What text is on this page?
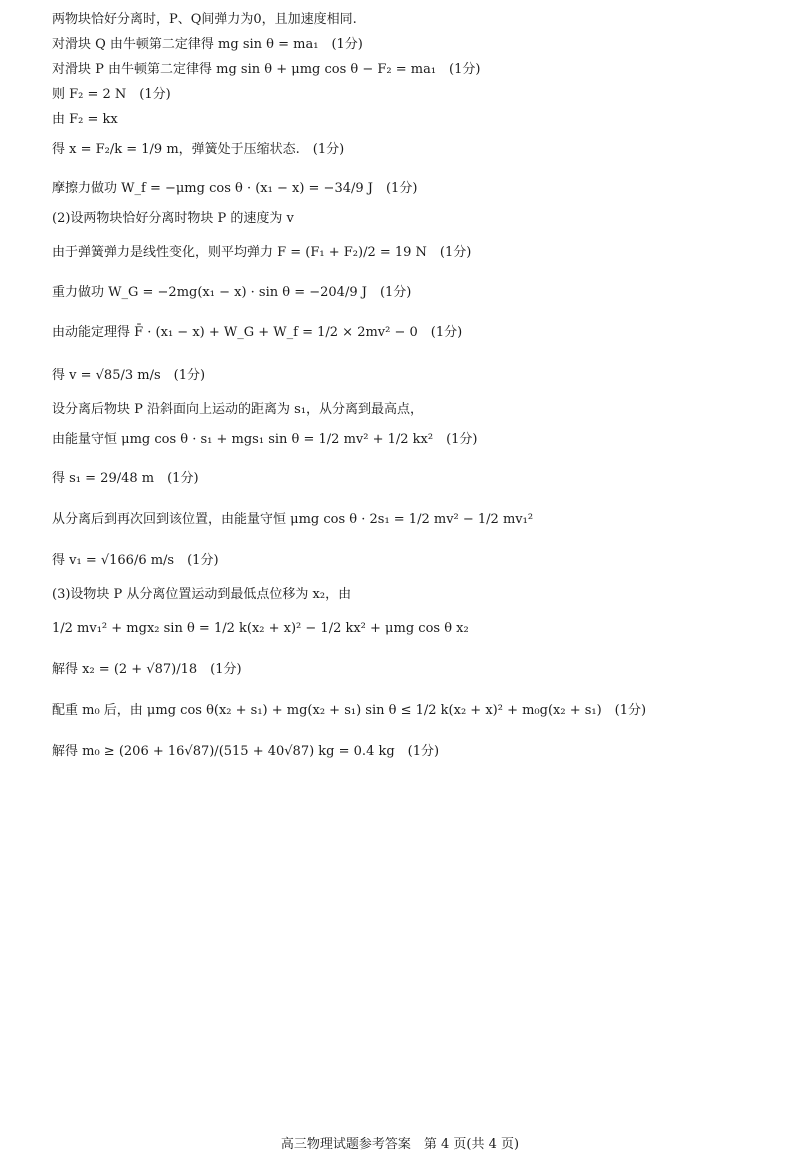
两物块恰好分离时，P、Q间弹力为0，且加速度相同.
对滑块 Q 由牛顿第二定律得 mg sin θ = ma₁　(1分)
对滑块 P 由牛顿第二定律得 mg sin θ + μmg cos θ − F₂ = ma₁　(1分)
则 F₂ = 2 N　(1分)
由 F₂ = kx
得 x = F₂/k = 1/9 m，弹簧处于压缩状态.　(1分)
摩擦力做功 W_f = −μmg cos θ · (x₁ − x) = −34/9 J　(1分)
(2)设两物块恰好分离时物块 P 的速度为 v
由于弹簧弹力是线性变化，则平均弹力 F = (F₁ + F₂)/2 = 19 N　(1分)
重力做功 W_G = −2mg(x₁ − x) · sin θ = −204/9 J　(1分)
由动能定理得 F̄ · (x₁ − x) + W_G + W_f = 1/2 × 2mv² − 0　(1分)
得 v = √85/3 m/s　(1分)
设分离后物块 P 沿斜面向上运动的距离为 s₁，从分离到最高点，
由能量守恒 μmg cos θ · s₁ + mgs₁ sin θ = 1/2 mv² + 1/2 kx²　(1分)
得 s₁ = 29/48 m　(1分)
从分离后到再次回到该位置，由能量守恒 μmg cos θ · 2s₁ = 1/2 mv² − 1/2 mv₁²
得 v₁ = √166/6 m/s　(1分)
(3)设物块 P 从分离位置运动到最低点位移为 x₂，由
1/2 mv₁² + mgx₂ sin θ = 1/2 k(x₂ + x)² − 1/2 kx² + μmg cos θ x₂
解得 x₂ = (2 + √87)/18　(1分)
配重 m₀ 后，由 μmg cos θ(x₂ + s₁) + mg(x₂ + s₁) sin θ ≤ 1/2 k(x₂ + x)² + m₀g(x₂ + s₁)　(1分)
解得 m₀ ≥ (206 + 16√87)/(515 + 40√87) kg = 0.4 kg　(1分)
高三物理试题参考答案　第 4 页(共 4 页)
